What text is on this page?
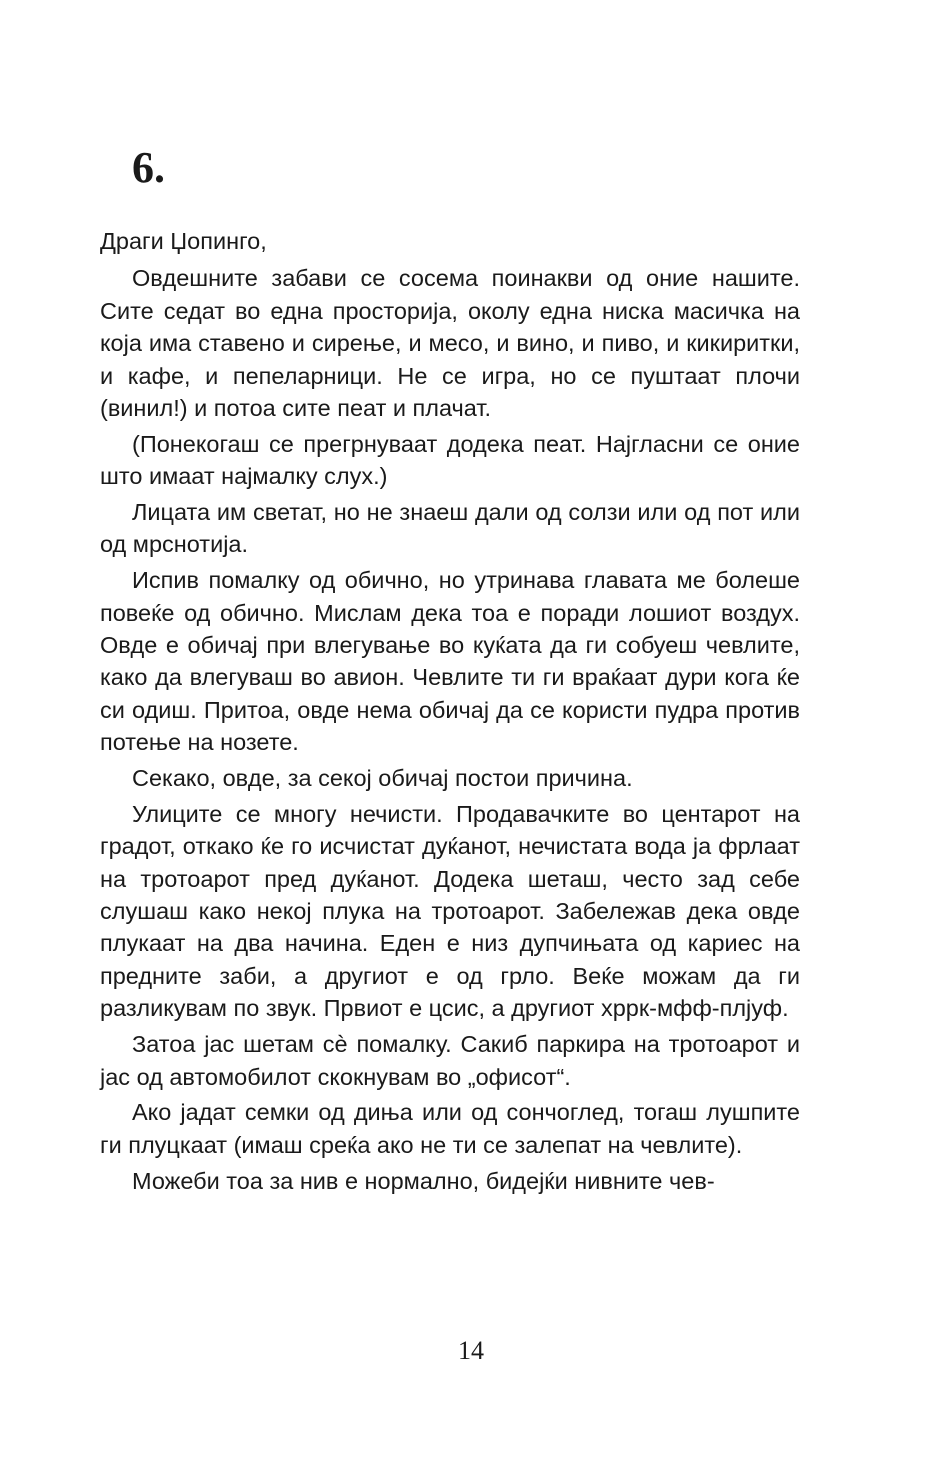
6.

Драги Џопинго,

Овдешните забави се сосема поинакви од оние нашите. Сите седат во една просторија, околу една ниска масичка на која има ставено и сирење, и месо, и вино, и пиво, и кикиритки, и кафе, и пепеларници. Не се игра, но се пуштаат плочи (винил!) и потоа сите пеат и плачат.

(Понекогаш се прегрнуваат додека пеат. Најгласни се оние што имаат најмалку слух.)

Лицата им светат, но не знаеш дали од солзи или од пот или од мрснотија.

Испив помалку од обично, но утринава главата ме болеше повеќе од обично. Мислам дека тоа е поради лошиот воздух. Овде е обичај при влегување во куќата да ги собуеш чевлите, како да влегуваш во авион. Чевлите ти ги враќаат дури кога ќе си одиш. Притоа, овде нема обичај да се користи пудра против потење на нозете.

Секако, овде, за секој обичај постои причина.

Улиците се многу нечисти. Продавачките во центарот на градот, откако ќе го исчистат дуќанот, нечистата вода ја фрлаат на тротоарот пред дуќанот. Додека шеташ, често зад себе слушаш како некој плука на тротоарот. Забележав дека овде плукаат на два начина. Еден е низ дупчињата од кариес на предните заби, а другиот е од грло. Веќе можам да ги разликувам по звук. Првиот е цсис, а другиот хррк-мфф-плјуф.

Затоа јас шетам сè помалку. Сакиб паркира на тротоарот и јас од автомобилот скокнувам во „офисот“.

Ако јадат семки од диња или од сончоглед, тогаш лушпите ги плуцкаат (имаш среќа ако не ти се залепат на чевлите).

Можеби тоа за нив е нормално, бидејќи нивните чев-

14
